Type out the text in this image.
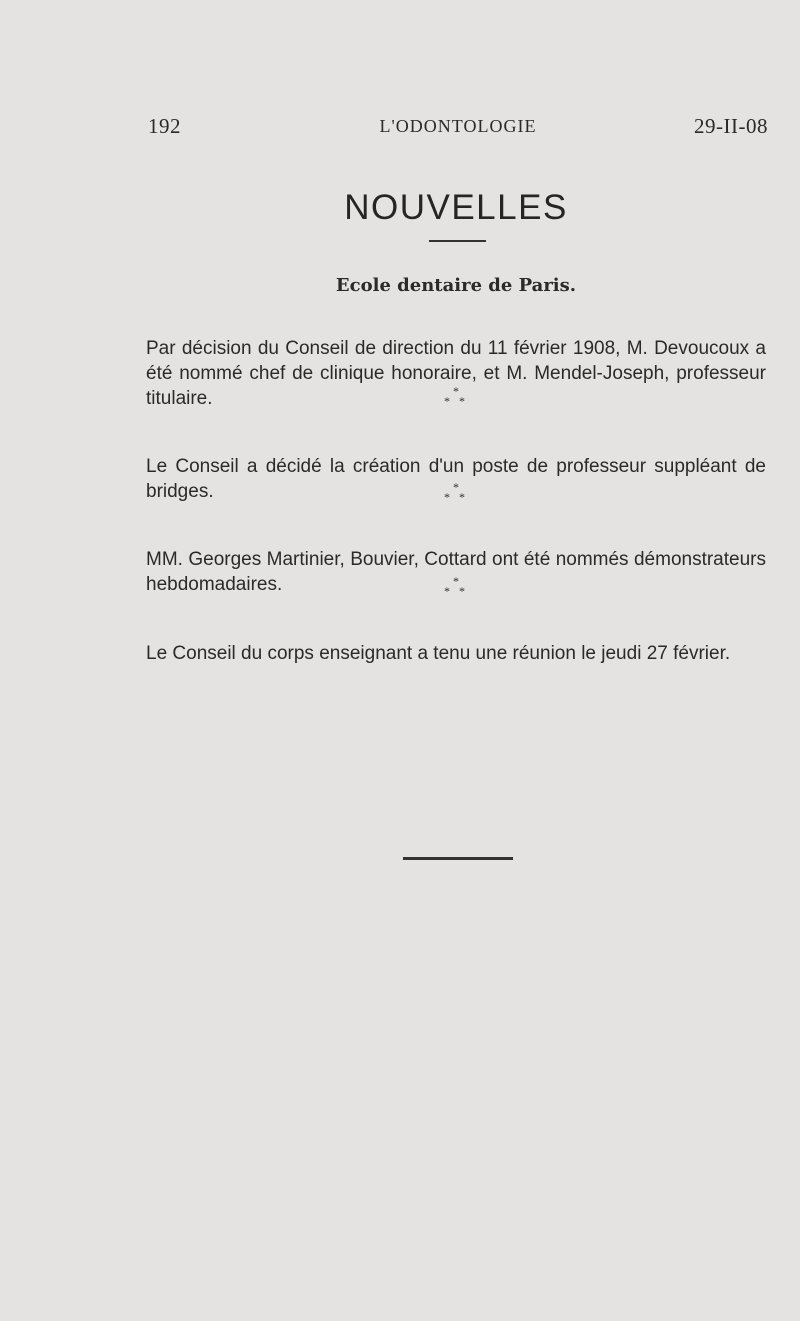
192	L'ODONTOLOGIE	29-II-08
NOUVELLES
Ecole dentaire de Paris.

Par décision du Conseil de direction du 11 février 1908, M. Devoucoux a été nommé chef de clinique honoraire, et M. Mendel-Joseph, professeur titulaire.	*
* *

Le Conseil a décidé la création d'un poste de professeur suppléant de bridges.	*
* *

MM. Georges Martinier, Bouvier, Cottard ont été nommés démonstrateurs hebdomadaires.	*
* *

Le Conseil du corps enseignant a tenu une réunion le jeudi 27 février.
